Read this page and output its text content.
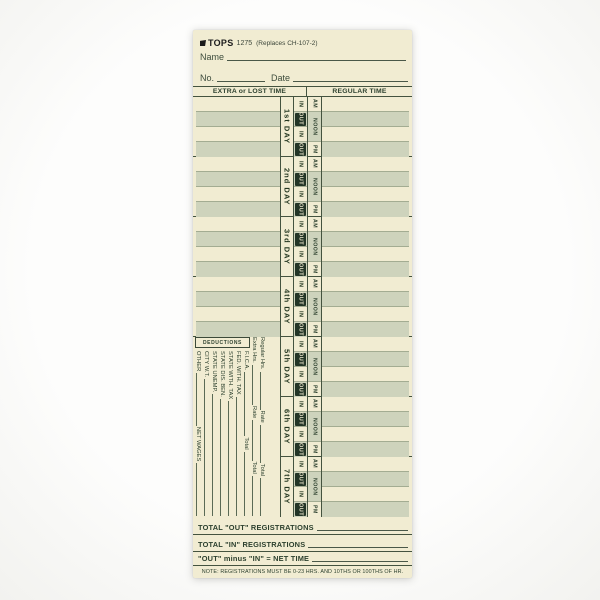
TOPS 1275 (Replaces CH-107-2)
Name
No.	Date
EXTRA or LOST TIME	REGULAR TIME
1st DAY
IN
OUT
IN
OUT
AM
NOON
PM
2nd DAY
IN
OUT
IN
OUT
AM
NOON
PM
3rd DAY
IN
OUT
IN
OUT
AM
NOON
PM
4th DAY
IN
OUT
IN
OUT
AM
NOON
PM
5th DAY
IN
OUT
IN
OUT
AM
NOON
PM
6th DAY
IN
OUT
IN
OUT
AM
NOON
PM
7th DAY
IN
OUT
IN
OUT
AM
NOON
PM
Regular Hrs.
Rate
Total
Extra Hrs.
Rate
Total
F.I.C.A.
Total
FED. WITH. TAX
STATE WITH. TAX
STATE DIS. BEN.
STATE UNEMP.
CITY W.T.
OTHER
NET WAGES
DEDUCTIONS
TOTAL "OUT" REGISTRATIONS
TOTAL "IN" REGISTRATIONS
"OUT" minus "IN" = NET TIME
NOTE: REGISTRATIONS MUST BE 0-23 HRS. AND 10THS OR 100THS OF HR.
